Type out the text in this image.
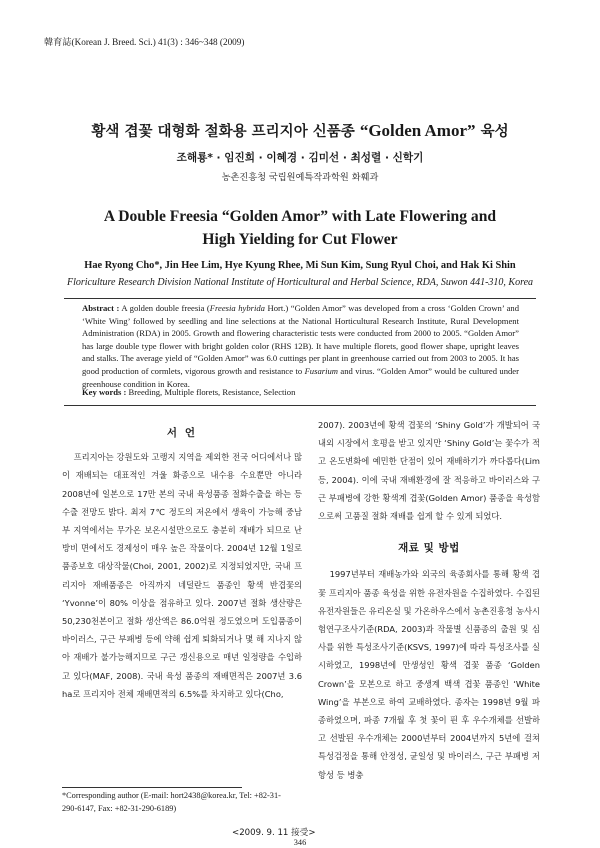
韓育誌(Korean J. Breed. Sci.) 41(3) : 346~348 (2009)
황색 겹꽃 대형화 절화용 프리지아 신품종 “Golden Amor” 육성
조해룡* · 임진희 · 이혜경 · 김미선 · 최성렬 · 신학기
농촌진흥청 국립원예특작과학원 화훼과
A Double Freesia “Golden Amor” with Late Flowering and
High Yielding for Cut Flower
Hae Ryong Cho*, Jin Hee Lim, Hye Kyung Rhee, Mi Sun Kim, Sung Ryul Choi, and Hak Ki Shin
Floriculture Research Division National Institute of Horticultural and Herbal Science, RDA, Suwon 441-310, Korea
Abstract : A golden double freesia (Freesia hybrida Hort.) “Golden Amor” was developed from a cross ‘Golden Crown’ and ‘White Wing’ followed by seedling and line selections at the National Horticultural Research Institute, Rural Development Administration (RDA) in 2005. Growth and flowering characteristic tests were conducted from 2000 to 2005. “Golden Amor” has large double type flower with bright golden color (RHS 12B). It have multiple florets, good flower shape, upright leaves and stalks. The average yield of “Golden Amor” was 6.0 cuttings per plant in greenhouse carried out from 2003 to 2005. It has good production of cormlets, vigorous growth and resistance to Fusarium and virus. “Golden Amor” would be cultured under greenhouse condition in Korea.
Key words : Breeding, Multiple florets, Resistance, Selection
서 언

프리지아는 강원도와 고랭지 지역을 제외한 전국 어디에서나 많이 재배되는 대표적인 겨울 화종으로 내수용 수요뿐만 아니라 2008년에 일본으로 17만 본의 국내 육성품종 절화수출을 하는 등 수출 전망도 밝다. 최저 7℃ 정도의 저온에서 생육이 가능해 중남부 지역에서는 무가온 보온시설만으로도 충분히 재배가 되므로 난방비 면에서도 경제성이 매우 높은 작물이다. 2004년 12월 1일로 품종보호 대상작물(Choi, 2001, 2002)로 지정되었지만, 국내 프리지아 재배품종은 아직까지 네덜란드 품종인 황색 반겹꽃의 ‘Yvonne’이 80% 이상을 점유하고 있다. 2007년 절화 생산량은 50,230천본이고 절화 생산액은 86.0억원 정도였으며 도입품종이 바이러스, 구근 부패병 등에 약해 쉽게 퇴화되거나 몇 해 지나지 않아 재배가 불가능해지므로 구근 갱신용으로 매년 일정량을 수입하고 있다(MAF, 2008). 국내 육성 품종의 재배면적은 2007년 3.6 ha로 프리지아 전체 재배면적의 6.5%를 차지하고 있다(Cho,

2007). 2003년에 황색 겹꽃의 ‘Shiny Gold’가 개발되어 국내외 시장에서 호평을 받고 있지만 ‘Shiny Gold’는 꽃수가 적고 온도변화에 예민한 단점이 있어 재배하기가 까다롭다(Lim 등, 2004). 이에 국내 재배환경에 잘 적응하고 바이러스와 구근 부패병에 강한 황색계 겹꽃(Golden Amor) 품종을 육성함으로써 고품질 절화 재배를 쉽게 할 수 있게 되었다.

재료 및 방법

1997년부터 재배농가와 외국의 육종회사를 통해 황색 겹꽃 프리지아 품종 육성을 위한 유전자원을 수집하였다. 수집된 유전자원들은 유리온실 및 가온하우스에서 농촌진흥청 농사시험연구조사기준(RDA, 2003)과 작물별 신품종의 출원 및 심사를 위한 특성조사기준(KSVS, 1997)에 따라 특성조사를 실시하였고, 1998년에 만생성인 황색 겹꽃 품종 ‘Golden Crown’을 모본으로 하고 중생계 백색 겹꽃 품종인 ‘White Wing’을 부본으로 하여 교배하였다. 종자는 1998년 9월 파종하였으며, 파종 7개월 후 첫 꽃이 핀 후 우수개체를 선발하고 선발된 우수개체는 2000년부터 2004년까지 5년에 걸쳐 특성검정을 통해 안정성, 균일성 및 바이러스, 구근 부패병 저항성 등 병충

*Corresponding author (E-mail: hort2438@korea.kr, Tel: +82-31-
290-6147, Fax: +82-31-290-6189)
<2009. 9. 11 接受>
346
